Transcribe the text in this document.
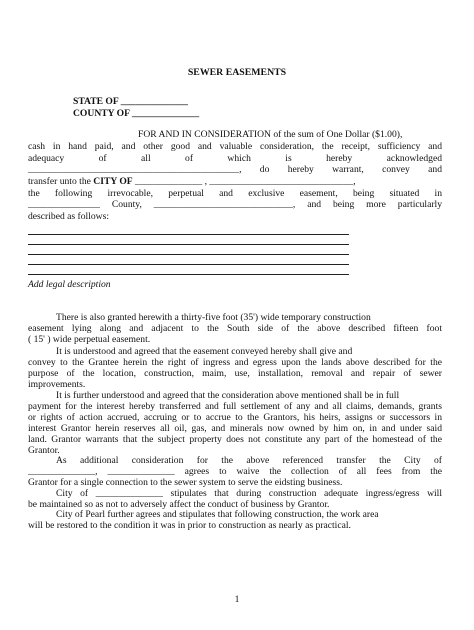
SEWER EASEMENTS
STATE OF ______________
COUNTY OF ______________
FOR AND IN CONSIDERATION of the sum of One Dollar ($1.00),
cash in hand paid, and other good and valuable consideration, the receipt, sufficiency and
adequacy of all of which is hereby acknowledged
____________________________________________, do hereby warrant, convey and
transfer unto the CITY OF ______________ , ______________________________,
the following irrevocable, perpetual and exclusive easement, being situated in
_______________ County, _____________________________, and being more particularly
described as follows:
Add legal description
There is also granted herewith a thirty-five foot (35') wide temporary construction
easement lying along and adjacent to the South side of the above described fifteen foot
( 15' ) wide perpetual easement.
It is understood and agreed that the easement conveyed hereby shall give and
convey to the Grantee herein the right of ingress and egress upon the lands above described for the
purpose of the location, construction, maim, use, installation, removal and repair of sewer
improvements.
It is further understood and agreed that the consideration above mentioned shall be in full
payment for the interest hereby transferred and full settlement of any and all claims, demands, grants
or rights of action accrued, accruing or to accrue to the Grantors, his heirs, assigns or successors in
interest Grantor herein reserves all oil, gas, and minerals now owned by him on, in and under said
land. Grantor warrants that the subject property does not constitute any part of the homestead of the
Grantor.
As additional consideration for the above referenced transfer the City of
______________, ______________ agrees to waive the collection of all fees from the
Grantor for a single connection to the sewer system to serve the eidsting business.
City of ______________ stipulates that during construction adequate ingress/egress will
be maintained so as not to adversely affect the conduct of business by Grantor.
City of Pearl further agrees and stipulates that following construction, the work area
will be restored to the condition it was in prior to construction as nearly as practical.
1
